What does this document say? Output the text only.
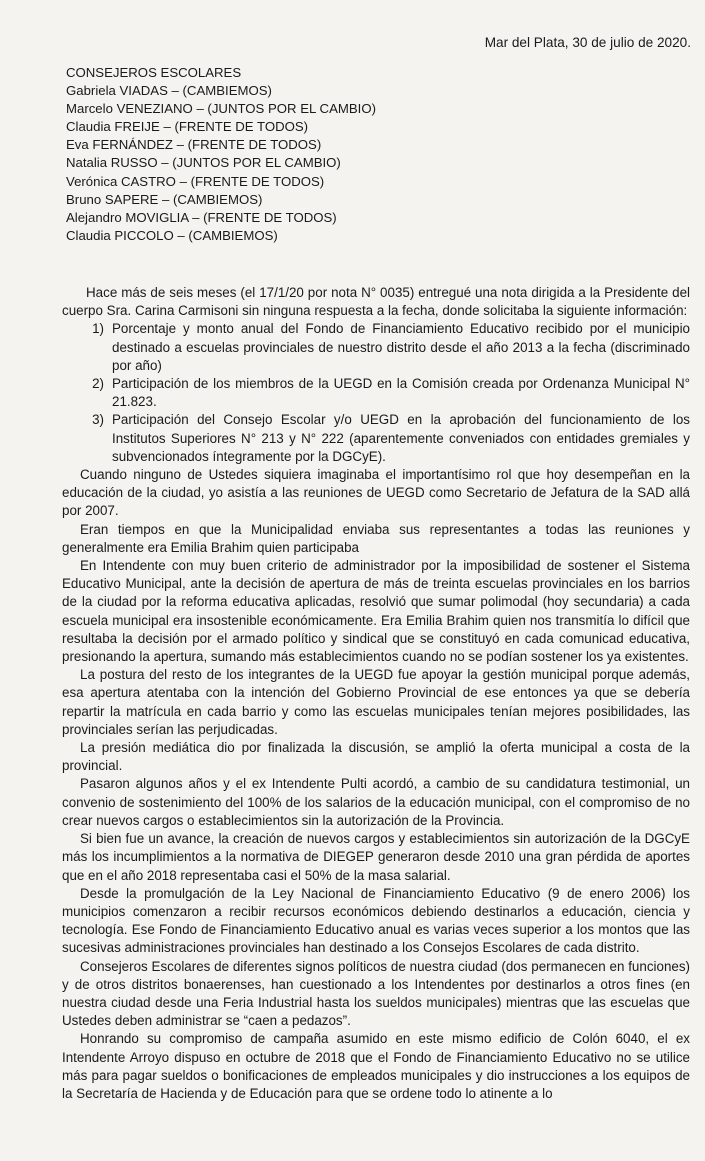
Mar del Plata, 30 de julio de 2020.
CONSEJEROS ESCOLARES
Gabriela VIADAS – (CAMBIEMOS)
Marcelo VENEZIANO – (JUNTOS POR EL CAMBIO)
Claudia FREIJE – (FRENTE DE TODOS)
Eva FERNÁNDEZ – (FRENTE DE TODOS)
Natalia RUSSO – (JUNTOS POR EL CAMBIO)
Verónica CASTRO – (FRENTE DE TODOS)
Bruno SAPERE – (CAMBIEMOS)
Alejandro MOVIGLIA – (FRENTE DE TODOS)
Claudia PICCOLO – (CAMBIEMOS)

Hace más de seis meses (el 17/1/20 por nota N° 0035) entregué una nota dirigida a la Presidente del cuerpo Sra. Carina Carmisoni sin ninguna respuesta a la fecha, donde solicitaba la siguiente información:

1) Porcentaje y monto anual del Fondo de Financiamiento Educativo recibido por el municipio destinado a escuelas provinciales de nuestro distrito desde el año 2013 a la fecha (discriminado por año)
2) Participación de los miembros de la UEGD en la Comisión creada por Ordenanza Municipal N° 21.823.
3) Participación del Consejo Escolar y/o UEGD en la aprobación del funcionamiento de los Institutos Superiores N° 213 y N° 222 (aparentemente conveniados con entidades gremiales y subvencionados íntegramente por la DGCyE).

Cuando ninguno de Ustedes siquiera imaginaba el importantísimo rol que hoy desempeñan en la educación de la ciudad, yo asistía a las reuniones de UEGD como Secretario de Jefatura de la SAD allá por 2007.

Eran tiempos en que la Municipalidad enviaba sus representantes a todas las reuniones y generalmente era Emilia Brahim quien participaba

En Intendente con muy buen criterio de administrador por la imposibilidad de sostener el Sistema Educativo Municipal, ante la decisión de apertura de más de treinta escuelas provinciales en los barrios de la ciudad por la reforma educativa aplicadas, resolvió que sumar polimodal (hoy secundaria) a cada escuela municipal era insostenible económicamente. Era Emilia Brahim quien nos transmitía lo difícil que resultaba la decisión por el armado político y sindical que se constituyó en cada comunicad educativa, presionando la apertura, sumando más establecimientos cuando no se podían sostener los ya existentes.

La postura del resto de los integrantes de la UEGD fue apoyar la gestión municipal porque además, esa apertura atentaba con la intención del Gobierno Provincial de ese entonces ya que se debería repartir la matrícula en cada barrio y como las escuelas municipales tenían mejores posibilidades, las provinciales serían las perjudicadas.

La presión mediática dio por finalizada la discusión, se amplió la oferta municipal a costa de la provincial.

Pasaron algunos años y el ex Intendente Pulti acordó, a cambio de su candidatura testimonial, un convenio de sostenimiento del 100% de los salarios de la educación municipal, con el compromiso de no crear nuevos cargos o establecimientos sin la autorización de la Provincia.

Si bien fue un avance, la creación de nuevos cargos y establecimientos sin autorización de la DGCyE más los incumplimientos a la normativa de DIEGEP generaron desde 2010 una gran pérdida de aportes que en el año 2018 representaba casi el 50% de la masa salarial.

Desde la promulgación de la Ley Nacional de Financiamiento Educativo (9 de enero 2006) los municipios comenzaron a recibir recursos económicos debiendo destinarlos a educación, ciencia y tecnología. Ese Fondo de Financiamiento Educativo anual es varias veces superior a los montos que las sucesivas administraciones provinciales han destinado a los Consejos Escolares de cada distrito.

Consejeros Escolares de diferentes signos políticos de nuestra ciudad (dos permanecen en funciones) y de otros distritos bonaerenses, han cuestionado a los Intendentes por destinarlos a otros fines (en nuestra ciudad desde una Feria Industrial hasta los sueldos municipales) mientras que las escuelas que Ustedes deben administrar se “caen a pedazos”.

Honrando su compromiso de campaña asumido en este mismo edificio de Colón 6040, el ex Intendente Arroyo dispuso en octubre de 2018 que el Fondo de Financiamiento Educativo no se utilice más para pagar sueldos o bonificaciones de empleados municipales y dio instrucciones a los equipos de la Secretaría de Hacienda y de Educación para que se ordene todo lo atinente a lo
